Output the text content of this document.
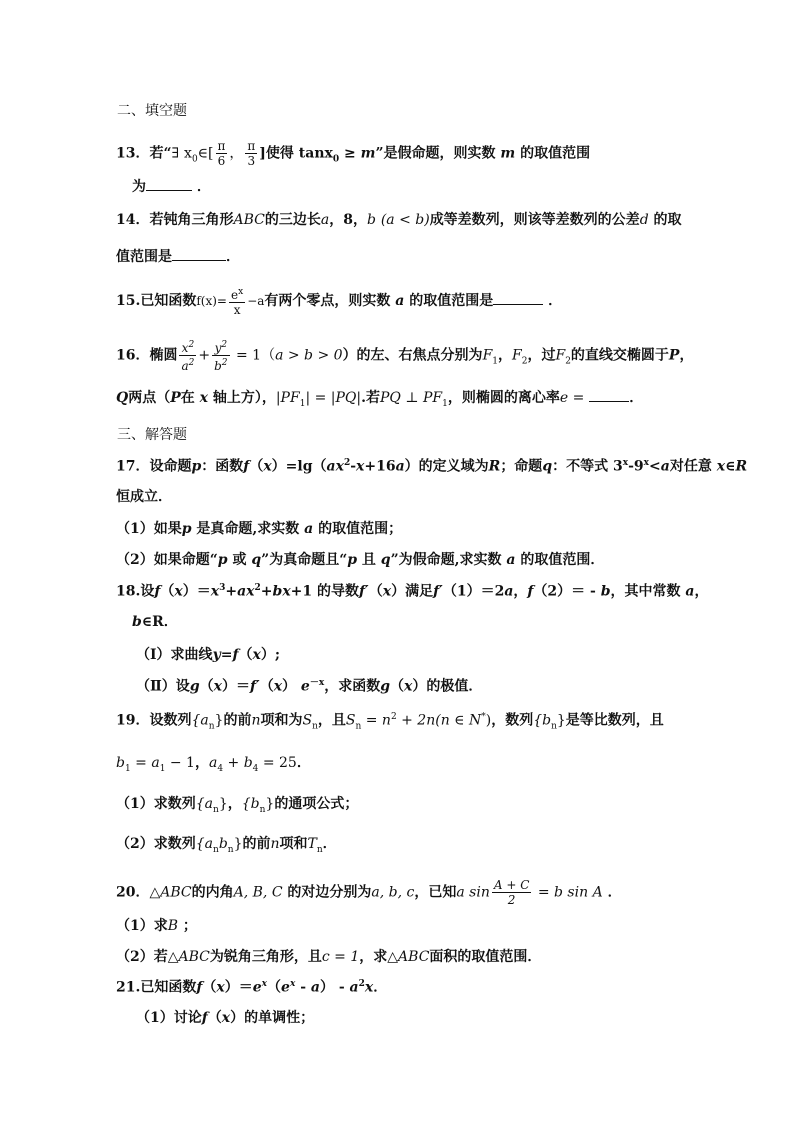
二、填空题
13．若“∃ $x_0\in[ \frac{\pi}{6}$ ， $\frac{\pi}{3}$ ]使得 tanx$_0$ ≥ m”是假命题，则实数 m 的取值范围
为	．
14．若钝角三角形ABC的三边长a，8，b (a < b)成等差数列，则该等差数列的公差d 的取
值范围是	．
15.已知函数$f(x)= \frac{e^x}{x} -a$有两个零点，则实数 a 的取值范围是	．
16．椭圆 $\frac{x^2}{a^2} + \frac{y^2}{b^2} = 1(a > b > 0)$的左、右焦点分别为$F_1$，$F_2$，过$F_2$的直线交椭圆于P，
Q两点（P在 x 轴上方），$|PF_1| = |PQ|$.若PQ ⊥ $PF_1$，则椭圆的离心率e =	．
三、解答题
17．设命题p：函数$f(x)=\lg(ax^2-x+16a)$的定义域为R；命题q：不等式 $3^x-9^x<a$对任意 x∈R
恒成立．
（1）如果p 是真命题,求实数 a 的取值范围；
（2）如果命题“p 或 q”为真命题且“p 且 q”为假命题,求实数 a 的取值范围．
18.设$f(x)=x^3+ax^2+bx+1$ 的导数f′（x）满足f′（1）＝2a，f（2）＝ - b，其中常数 a，
b∈R．
（Ⅰ）求曲线y=f（x）;
（Ⅱ）设g（x）＝f′（x） $e^{-x}$，求函数g（x）的极值．
19．设数列$\{a_n\}$的前n项和为$S_n$，且$S_n = n^2 + 2n(n$ ∈ N*)，数列$\{b_n\}$是等比数列，且
$b_1 = a_1 - 1$，$a_4 + b_4 = 25$．
（1）求数列$\{a_n\}$，$\{b_n\}$的通项公式；
（2）求数列$\{a_nb_n\}$的前n项和$T_n$．
20．△ABC的内角A, B, C 的对边分别为a, b, c，已知a $\sin \frac{A + C}{2} = b$ sin A ．
（1）求B ；
（2）若△ABC为锐角三角形，且c = 1，求△ABC面积的取值范围．
21.已知函数$f(x)=e^x(e^x - a) - a^2x$．
（1）讨论f（x）的单调性；
